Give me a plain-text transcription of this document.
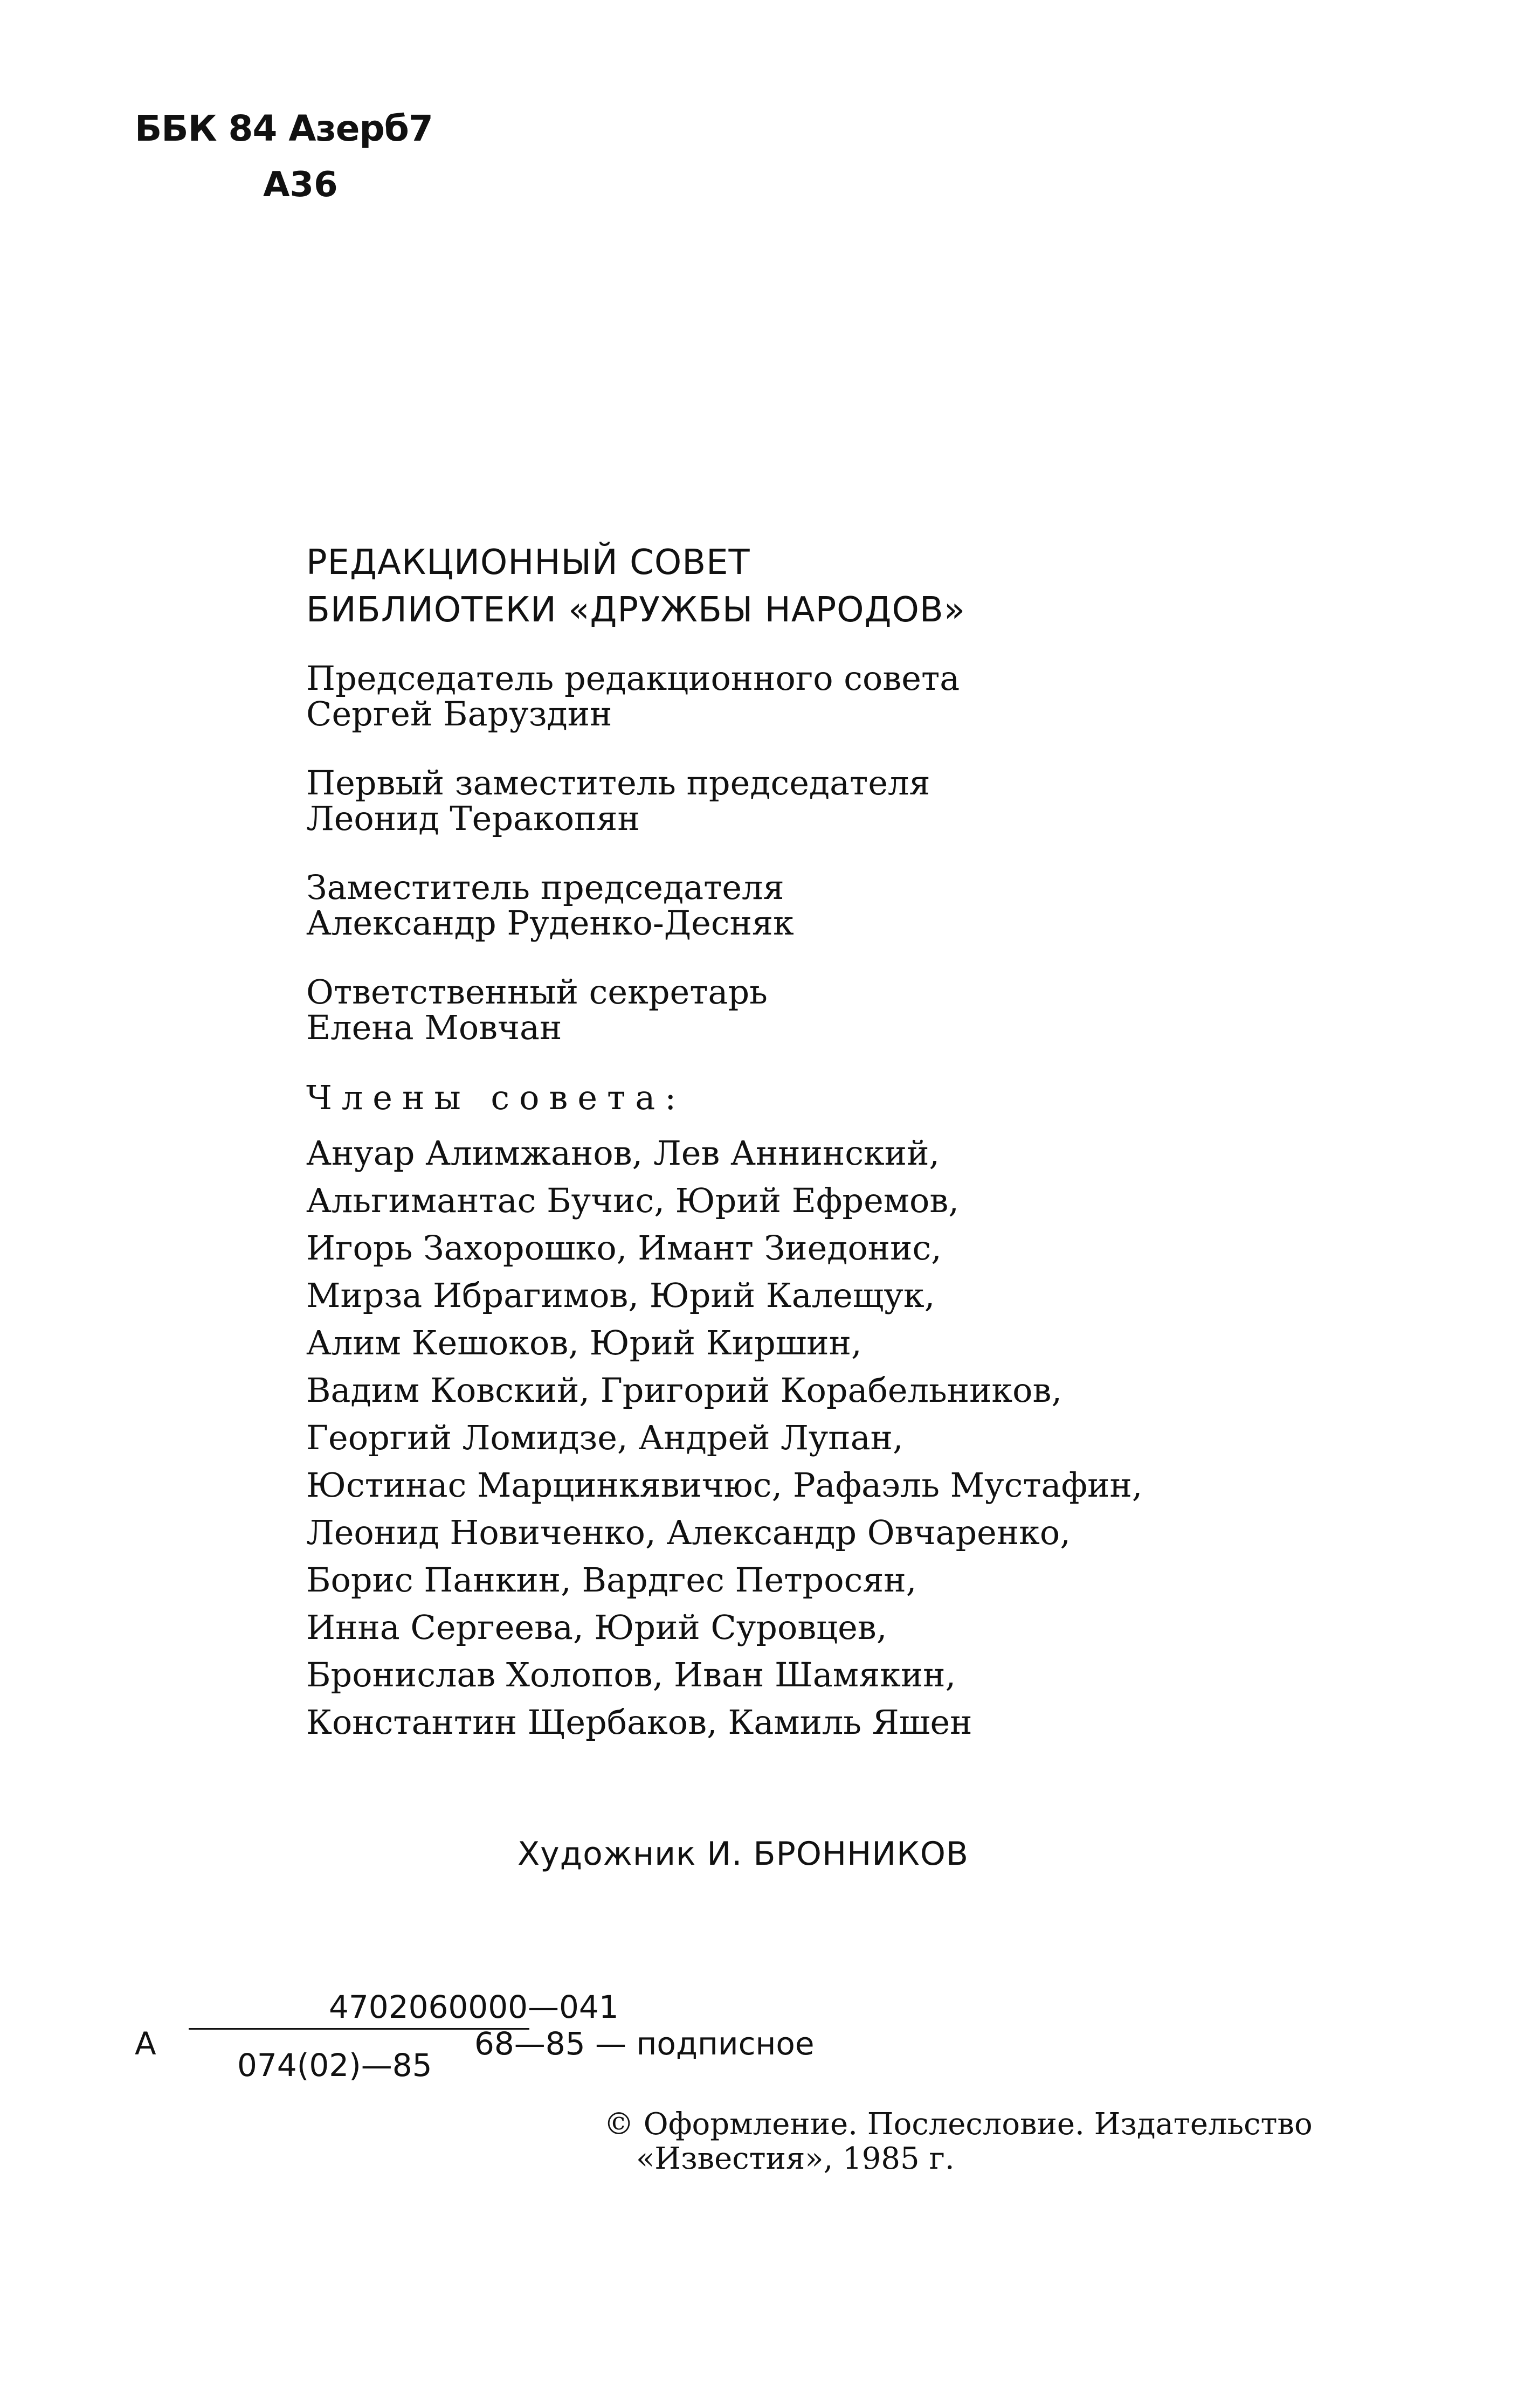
ББК 84 Азерб7
А36
РЕДАКЦИОННЫЙ СОВЕТ
БИБЛИОТЕКИ «ДРУЖБЫ НАРОДОВ»
Председатель редакционного совета
Сергей Баруздин
Первый заместитель председателя
Леонид Теракопян
Заместитель председателя
Александр Руденко-Десняк
Ответственный секретарь
Елена Мовчан
Члены совета:
Ануар Алимжанов, Лев Аннинский,
Альгимантас Бучис, Юрий Ефремов,
Игорь Захорошко, Имант Зиедонис,
Мирза Ибрагимов, Юрий Калещук,
Алим Кешоков, Юрий Киршин,
Вадим Ковский, Григорий Корабельников,
Георгий Ломидзе, Андрей Лупан,
Юстинас Марцинкявичюс, Рафаэль Мустафин,
Леонид Новиченко, Александр Овчаренко,
Борис Панкин, Вардгес Петросян,
Инна Сергеева, Юрий Суровцев,
Бронислав Холопов, Иван Шамякин,
Константин Щербаков, Камиль Яшен
Художник И. БРОННИКОВ
А
4702060000—041
074(02)—85
68—85 — подписное
© Оформление. Послесловие. Издательство
«Известия», 1985 г.
